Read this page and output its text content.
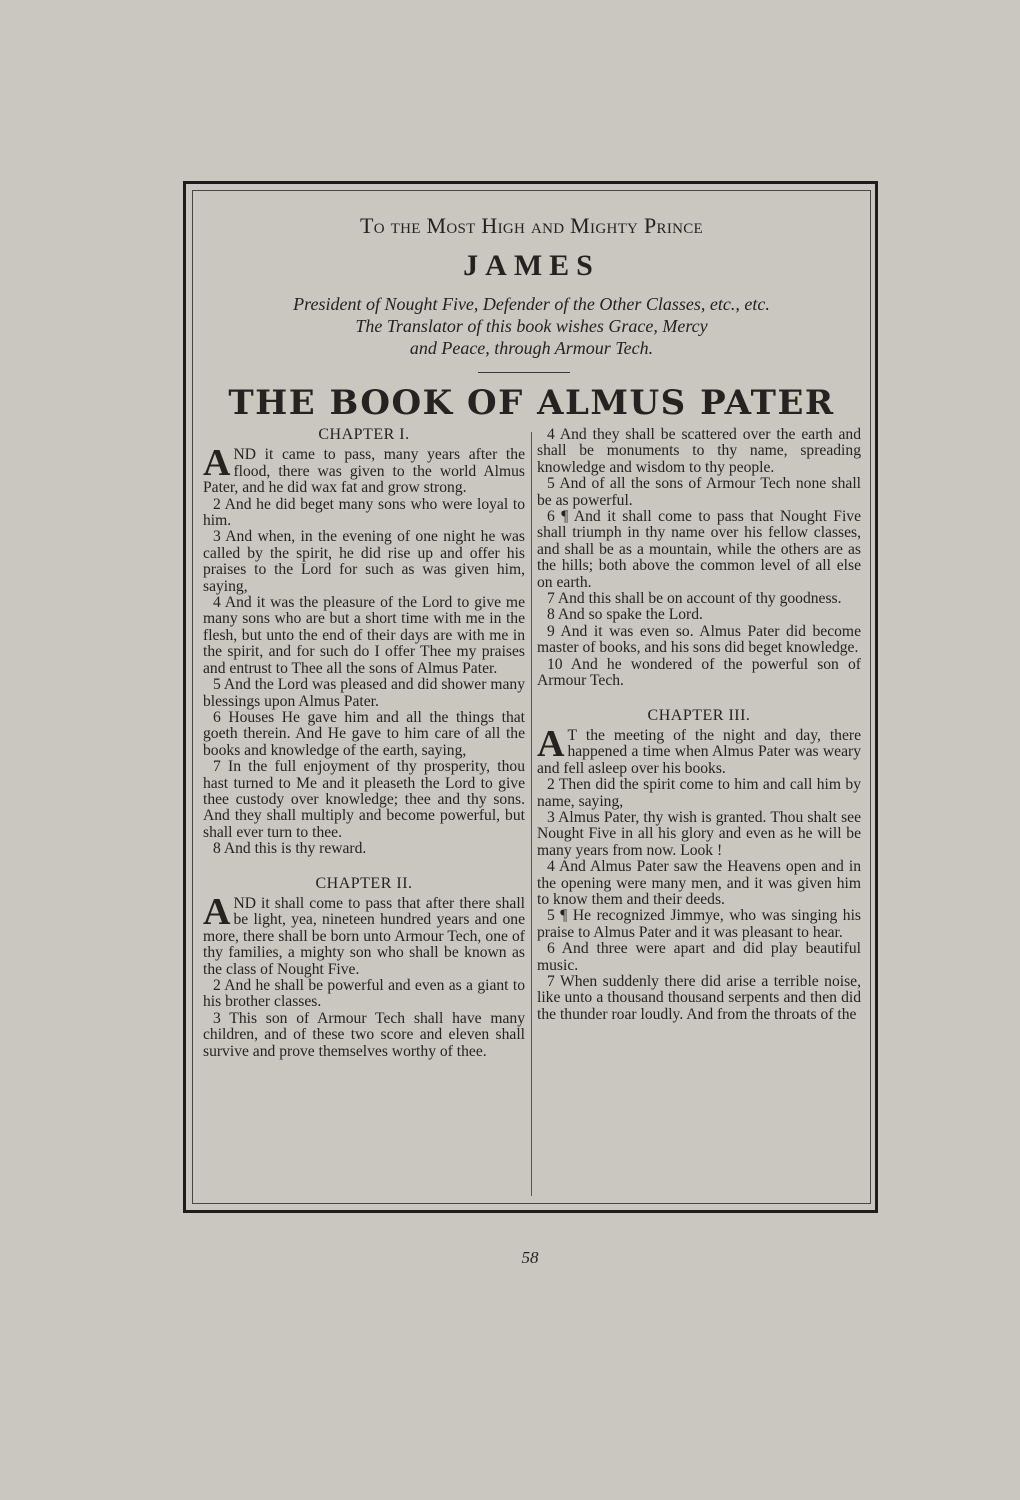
To the Most High and Mighty Prince
JAMES
President of Nought Five, Defender of the Other Classes, etc., etc.
The Translator of this book wishes Grace, Mercy
and Peace, through Armour Tech.
THE BOOK OF ALMUS PATER
CHAPTER I.

AND it came to pass, many years after the flood, there was given to the world Almus Pater, and he did wax fat and grow strong.

2 And he did beget many sons who were loyal to him.

3 And when, in the evening of one night he was called by the spirit, he did rise up and offer his praises to the Lord for such as was given him, saying,

4 And it was the pleasure of the Lord to give me many sons who are but a short time with me in the flesh, but unto the end of their days are with me in the spirit, and for such do I offer Thee my praises and entrust to Thee all the sons of Almus Pater.

5 And the Lord was pleased and did shower many blessings upon Almus Pater.

6 Houses He gave him and all the things that goeth therein. And He gave to him care of all the books and knowledge of the earth, saying,

7 In the full enjoyment of thy prosperity, thou hast turned to Me and it pleaseth the Lord to give thee custody over knowledge; thee and thy sons. And they shall multiply and become powerful, but shall ever turn to thee.

8 And this is thy reward.

CHAPTER II.

AND it shall come to pass that after there shall be light, yea, nineteen hundred years and one more, there shall be born unto Armour Tech, one of thy families, a mighty son who shall be known as the class of Nought Five.

2 And he shall be powerful and even as a giant to his brother classes.

3 This son of Armour Tech shall have many children, and of these two score and eleven shall survive and prove themselves worthy of thee.

4 And they shall be scattered over the earth and shall be monuments to thy name, spreading knowledge and wisdom to thy people.

5 And of all the sons of Armour Tech none shall be as powerful.

6 ¶ And it shall come to pass that Nought Five shall triumph in thy name over his fellow classes, and shall be as a mountain, while the others are as the hills; both above the common level of all else on earth.

7 And this shall be on account of thy goodness.

8 And so spake the Lord.

9 And it was even so. Almus Pater did become master of books, and his sons did beget knowledge.

10 And he wondered of the powerful son of Armour Tech.

CHAPTER III.

A T the meeting of the night and day, there happened a time when Almus Pater was weary and fell asleep over his books.

2 Then did the spirit come to him and call him by name, saying,

3 Almus Pater, thy wish is granted. Thou shalt see Nought Five in all his glory and even as he will be many years from now. Look !

4 And Almus Pater saw the Heavens open and in the opening were many men, and it was given him to know them and their deeds.

5 ¶ He recognized Jimmye, who was singing his praise to Almus Pater and it was pleasant to hear.

6 And three were apart and did play beautiful music.

7 When suddenly there did arise a terrible noise, like unto a thousand thousand serpents and then did the thunder roar loudly. And from the throats of the

58
